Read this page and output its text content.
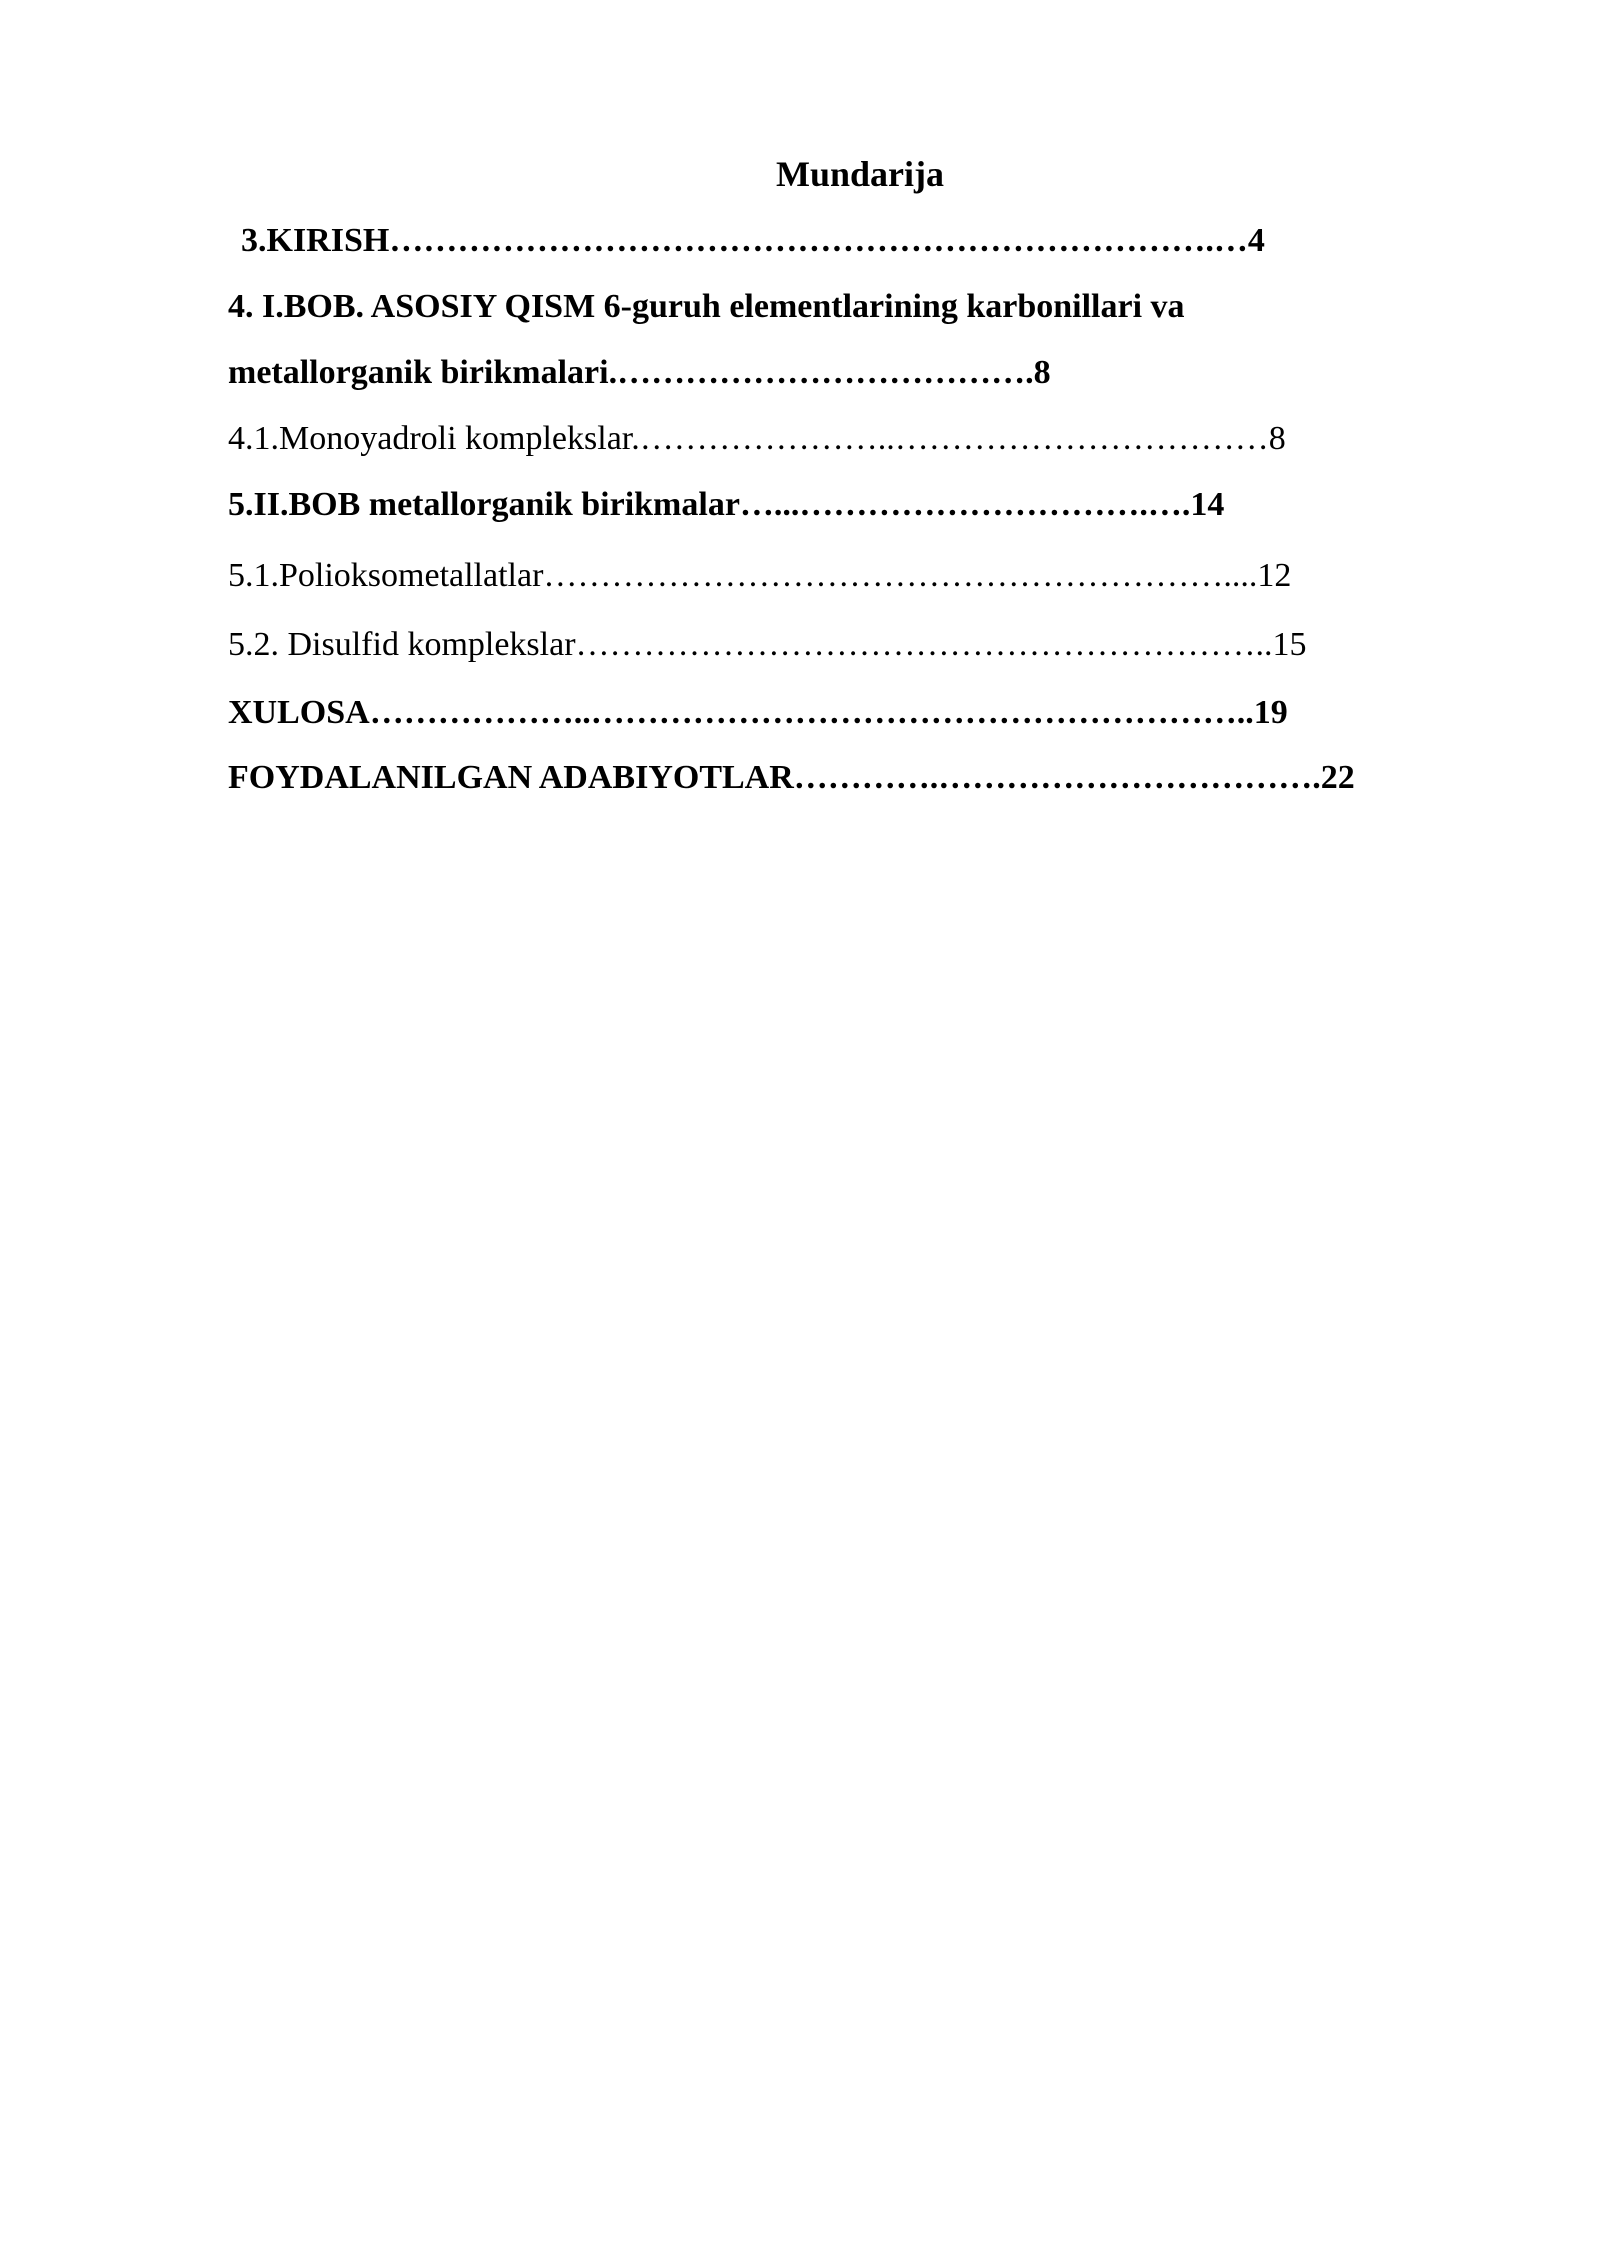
Mundarija
3.KIRISH……………………………………………………………….…4
4. I.BOB. ASOSIY QISM 6-guruh elementlarining karbonillari va
metallorganik birikmalari.……………………………….8
4.1.Monoyadroli komplekslar.…………………..……………………………8
5.II.BOB metallorganik birikmalar…...………………………….….14
5.1.Polioksometallatlar……………………………………………………....12
5.2. Disulfid komplekslar……………………………………………………..15
XULOSA………………..…………………………………………………..19
FOYDALANILGAN ADABIYOTLAR………….…………………………….22
